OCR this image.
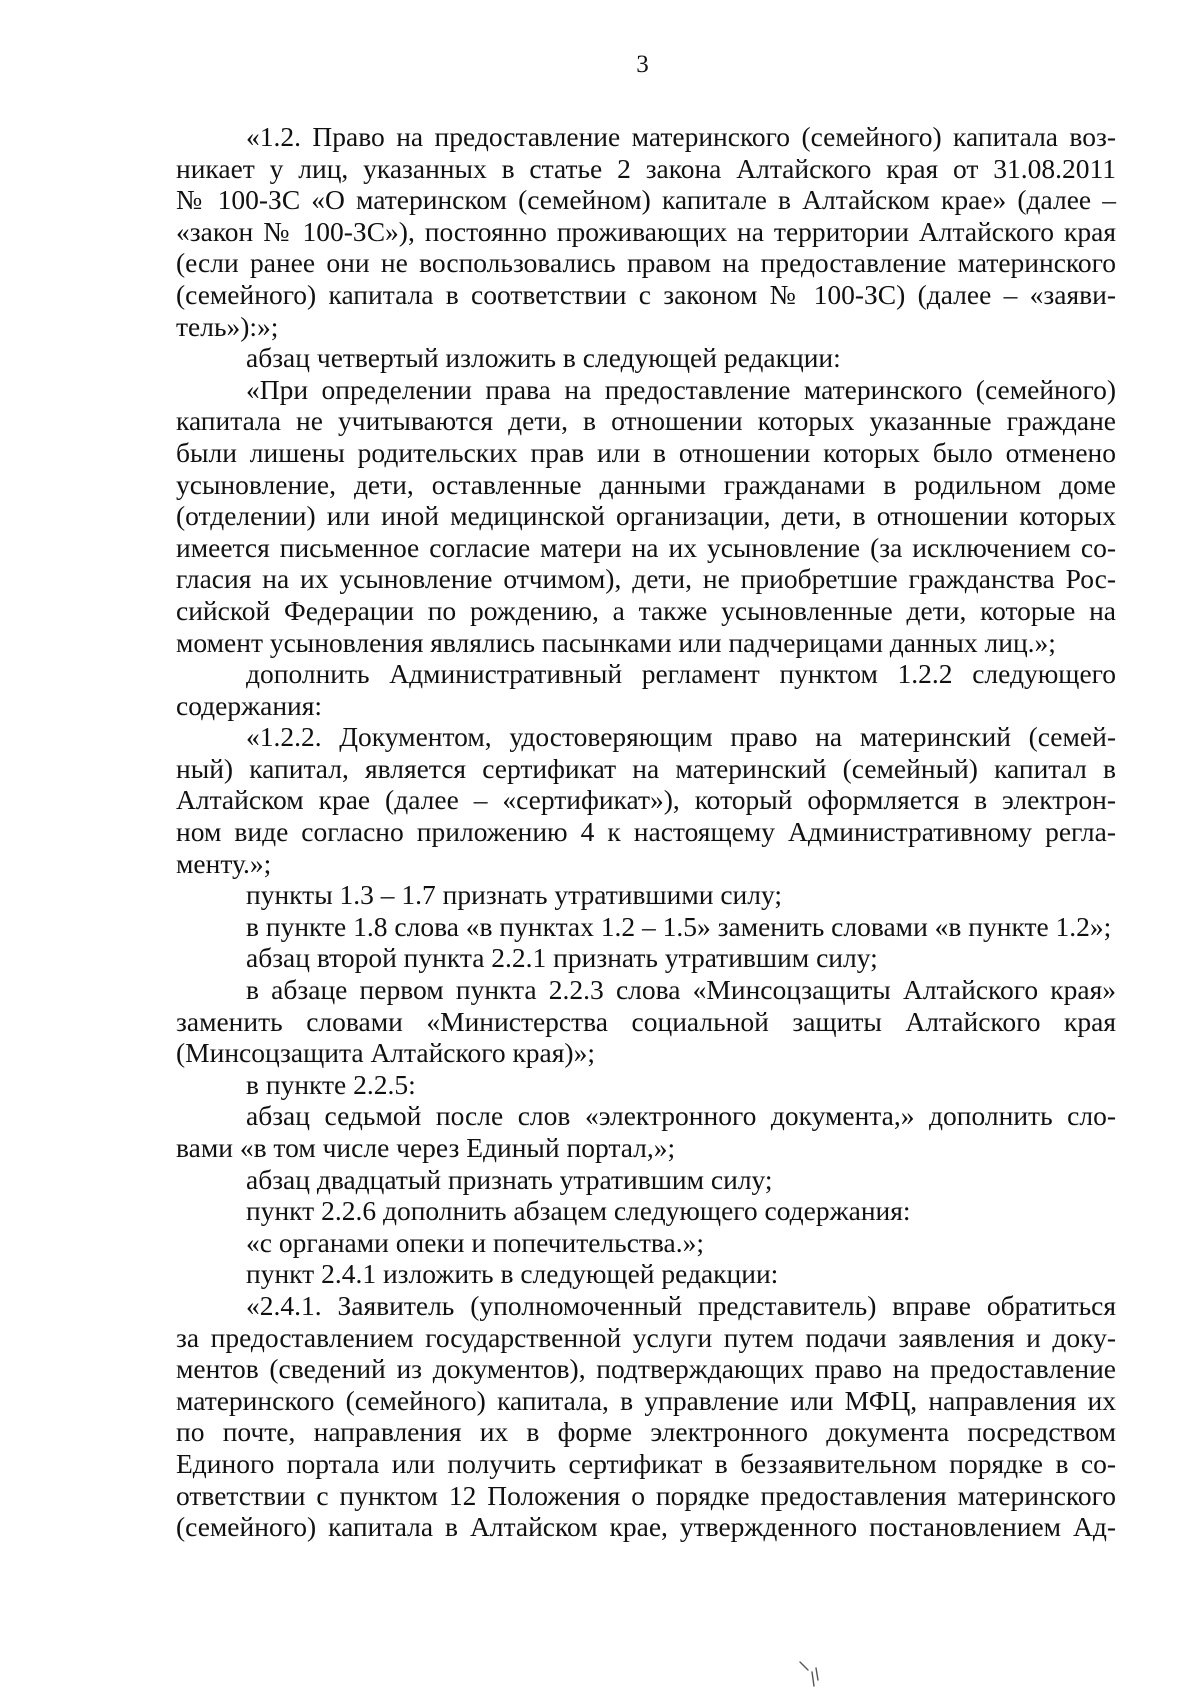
3

«1.2. Право на предоставление материнского (семейного) капитала воз-

никает у лиц, указанных в статье 2 закона Алтайского края от 31.08.2011

№ 100-ЗС «О материнском (семейном) капитале в Алтайском крае» (далее –

«закон № 100-ЗС»), постоянно проживающих на территории Алтайского края

(если ранее они не воспользовались правом на предоставление материнского

(семейного) капитала в соответствии с законом № 100-ЗС) (далее – «заяви-

тель»):»;

абзац четвертый изложить в следующей редакции:

«При определении права на предоставление материнского (семейного)

капитала не учитываются дети, в отношении которых указанные граждане

были лишены родительских прав или в отношении которых было отменено

усыновление, дети, оставленные данными гражданами в родильном доме

(отделении) или иной медицинской организации, дети, в отношении которых

имеется письменное согласие матери на их усыновление (за исключением со-

гласия на их усыновление отчимом), дети, не приобретшие гражданства Рос-

сийской Федерации по рождению, а также усыновленные дети, которые на

момент усыновления являлись пасынками или падчерицами данных лиц.»;

дополнить Административный регламент пунктом 1.2.2 следующего

содержания:

«1.2.2. Документом, удостоверяющим право на материнский (семей-

ный) капитал, является сертификат на материнский (семейный) капитал в

Алтайском крае (далее – «сертификат»), который оформляется в электрон-

ном виде согласно приложению 4 к настоящему Административному регла-

менту.»;

пункты 1.3 – 1.7 признать утратившими силу;

в пункте 1.8 слова «в пунктах 1.2 – 1.5» заменить словами «в пункте 1.2»;

абзац второй пункта 2.2.1 признать утратившим силу;

в абзаце первом пункта 2.2.3 слова «Минсоцзащиты Алтайского края»

заменить словами «Министерства социальной защиты Алтайского края

(Минсоцзащита Алтайского края)»;

в пункте 2.2.5:

абзац седьмой после слов «электронного документа,» дополнить сло-

вами «в том числе через Единый портал,»;

абзац двадцатый признать утратившим силу;

пункт 2.2.6 дополнить абзацем следующего содержания:

«с органами опеки и попечительства.»;

пункт 2.4.1 изложить в следующей редакции:

«2.4.1. Заявитель (уполномоченный представитель) вправе обратиться

за предоставлением государственной услуги путем подачи заявления и доку-

ментов (сведений из документов), подтверждающих право на предоставление

материнского (семейного) капитала, в управление или МФЦ, направления их

по почте, направления их в форме электронного документа посредством

Единого портала или получить сертификат в беззаявительном порядке в со-

ответствии с пунктом 12 Положения о порядке предоставления материнского

(семейного) капитала в Алтайском крае, утвержденного постановлением Ад-
